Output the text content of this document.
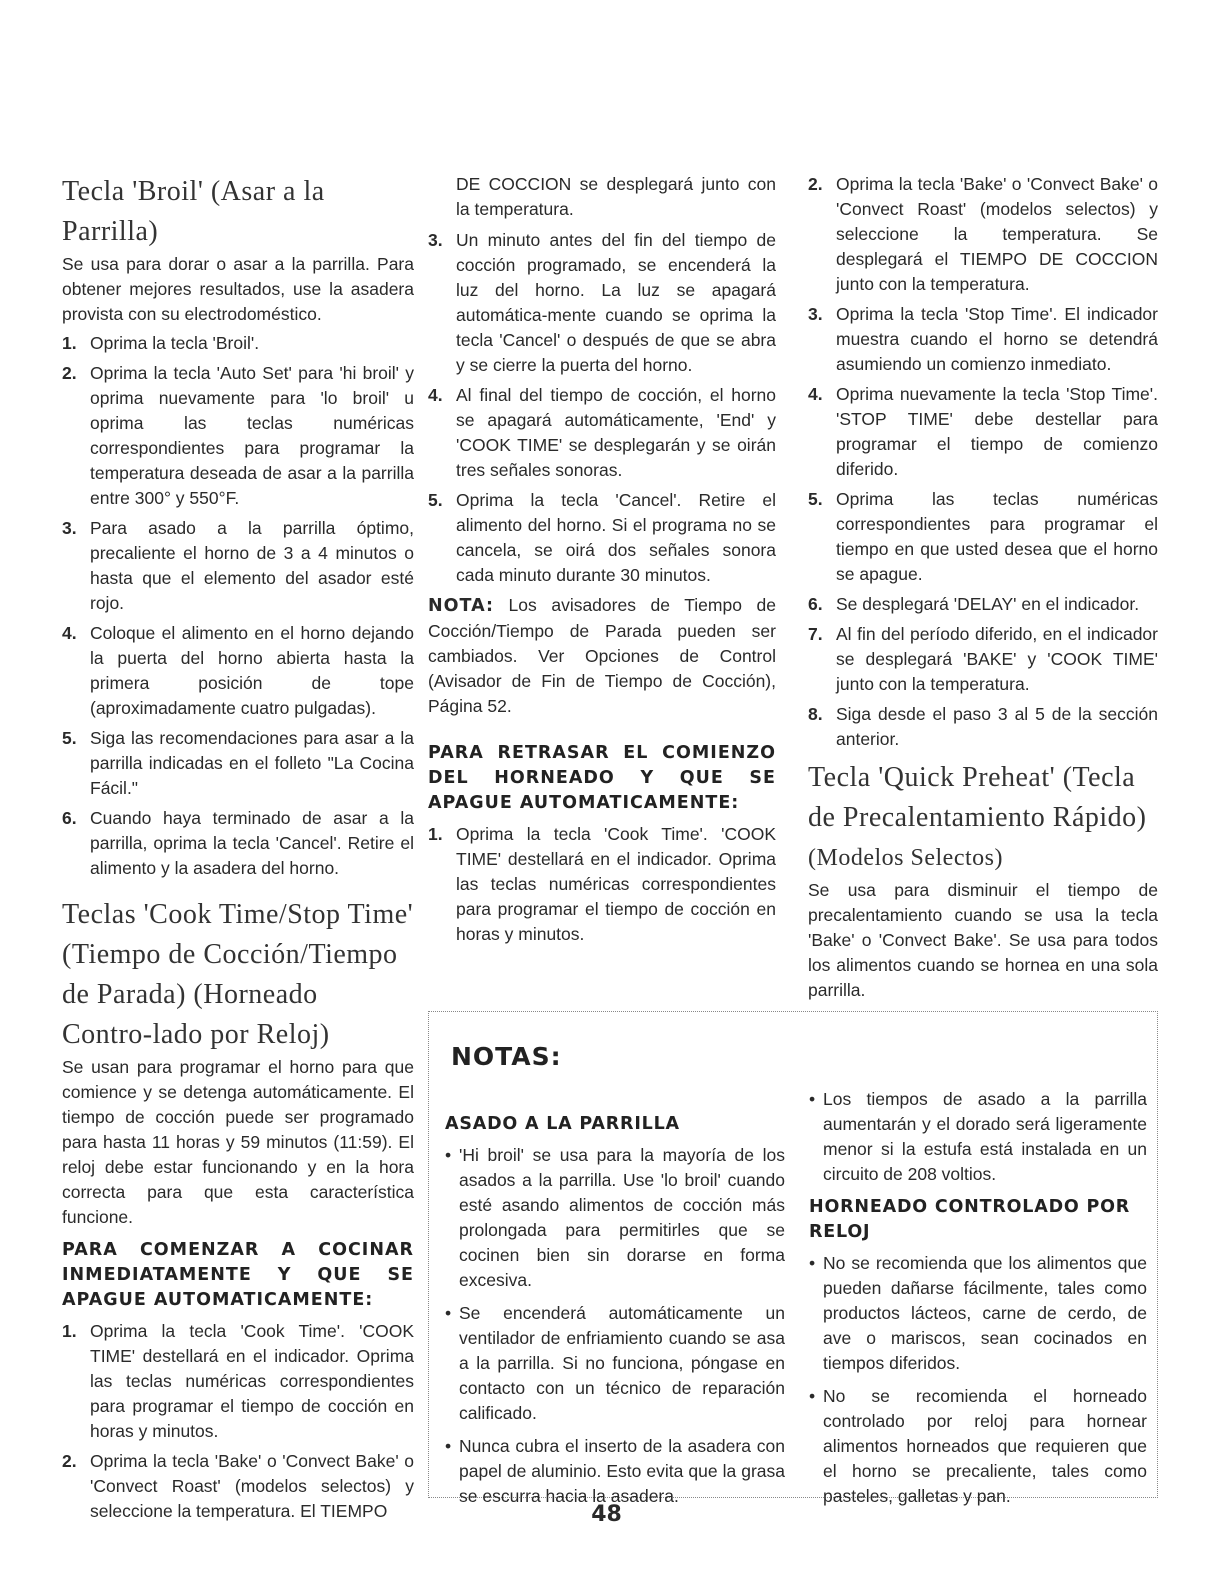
Tecla 'Broil' (Asar a la Parrilla)

Se usa para dorar o asar a la parrilla. Para obtener mejores resultados, use la asadera provista con su electrodoméstico.

1. Oprima la tecla 'Broil'.
2. Oprima la tecla 'Auto Set' para 'hi broil' y oprima nuevamente para 'lo broil' u oprima las teclas numéricas correspondientes para programar la temperatura deseada de asar a la parrilla entre 300° y 550°F.
3. Para asado a la parrilla óptimo, precaliente el horno de 3 a 4 minutos o hasta que el elemento del asador esté rojo.
4. Coloque el alimento en el horno dejando la puerta del horno abierta hasta la primera posición de tope (aproximadamente cuatro pulgadas).
5. Siga las recomendaciones para asar a la parrilla indicadas en el folleto "La Cocina Fácil."
6. Cuando haya terminado de asar a la parrilla, oprima la tecla 'Cancel'. Retire el alimento y la asadera del horno.
Teclas 'Cook Time/Stop Time' (Tiempo de Cocción/Tiempo de Parada) (Horneado Contro-lado por Reloj)

Se usan para programar el horno para que comience y se detenga automáticamente. El tiempo de cocción puede ser programado para hasta 11 horas y 59 minutos (11:59). El reloj debe estar funcionando y en la hora correcta para que esta característica funcione.

PARA COMENZAR A COCINAR INMEDIATAMENTE Y QUE SE APAGUE AUTOMATICAMENTE:
1. Oprima la tecla 'Cook Time'. 'COOK TIME' destellará en el indicador. Oprima las teclas numéricas correspondientes para programar el tiempo de cocción en horas y minutos.
2. Oprima la tecla 'Bake' o 'Convect Bake' o 'Convect Roast' (modelos selectos) y seleccione la temperatura. El TIEMPO

DE COCCION se desplegará junto con la temperatura.

3. Un minuto antes del fin del tiempo de cocción programado, se encenderá la luz del horno. La luz se apagará automática-mente cuando se oprima la tecla 'Cancel' o después de que se abra y se cierre la puerta del horno.
4. Al final del tiempo de cocción, el horno se apagará automáticamente, 'End' y 'COOK TIME' se desplegarán y se oirán tres señales sonoras.
5. Oprima la tecla 'Cancel'. Retire el alimento del horno. Si el programa no se cancela, se oirá dos señales sonora cada minuto durante 30 minutos.

NOTA: Los avisadores de Tiempo de Cocción/Tiempo de Parada pueden ser cambiados. Ver Opciones de Control (Avisador de Fin de Tiempo de Cocción), Página 52.

PARA RETRASAR EL COMIENZO DEL HORNEADO Y QUE SE APAGUE AUTOMATICAMENTE:
1. Oprima la tecla 'Cook Time'. 'COOK TIME' destellará en el indicador. Oprima las teclas numéricas correspondientes para programar el tiempo de cocción en horas y minutos.
2. Oprima la tecla 'Bake' o 'Convect Bake' o 'Convect Roast' (modelos selectos) y seleccione la temperatura. Se desplegará el TIEMPO DE COCCION junto con la temperatura.
3. Oprima la tecla 'Stop Time'. El indicador muestra cuando el horno se detendrá asumiendo un comienzo inmediato.
4. Oprima nuevamente la tecla 'Stop Time'. 'STOP TIME' debe destellar para programar el tiempo de comienzo diferido.
5. Oprima las teclas numéricas correspondientes para programar el tiempo en que usted desea que el horno se apague.
6. Se desplegará 'DELAY' en el indicador.
7. Al fin del período diferido, en el indicador se desplegará 'BAKE' y 'COOK TIME' junto con la temperatura.
8. Siga desde el paso 3 al 5 de la sección anterior.
Tecla 'Quick Preheat' (Tecla de Precalentamiento Rápido)
(Modelos Selectos)

Se usa para disminuir el tiempo de precalentamiento cuando se usa la tecla 'Bake' o 'Convect Bake'. Se usa para todos los alimentos cuando se hornea en una sola parrilla.

NOTAS:
ASADO A LA PARRILLA
• 'Hi broil' se usa para la mayoría de los asados a la parrilla. Use 'lo broil' cuando esté asando alimentos de cocción más prolongada para permitirles que se cocinen bien sin dorarse en forma excesiva.
• Se encenderá automáticamente un ventilador de enfriamiento cuando se asa a la parrilla. Si no funciona, póngase en contacto con un técnico de reparación calificado.
• Nunca cubra el inserto de la asadera con papel de aluminio. Esto evita que la grasa se escurra hacia la asadera.
• Los tiempos de asado a la parrilla aumentarán y el dorado será ligeramente menor si la estufa está instalada en un circuito de 208 voltios.
HORNEADO CONTROLADO POR RELOJ
• No se recomienda que los alimentos que pueden dañarse fácilmente, tales como productos lácteos, carne de cerdo, de ave o mariscos, sean cocinados en tiempos diferidos.
• No se recomienda el horneado controlado por reloj para hornear alimentos horneados que requieren que el horno se precaliente, tales como pasteles, galletas y pan.
48
